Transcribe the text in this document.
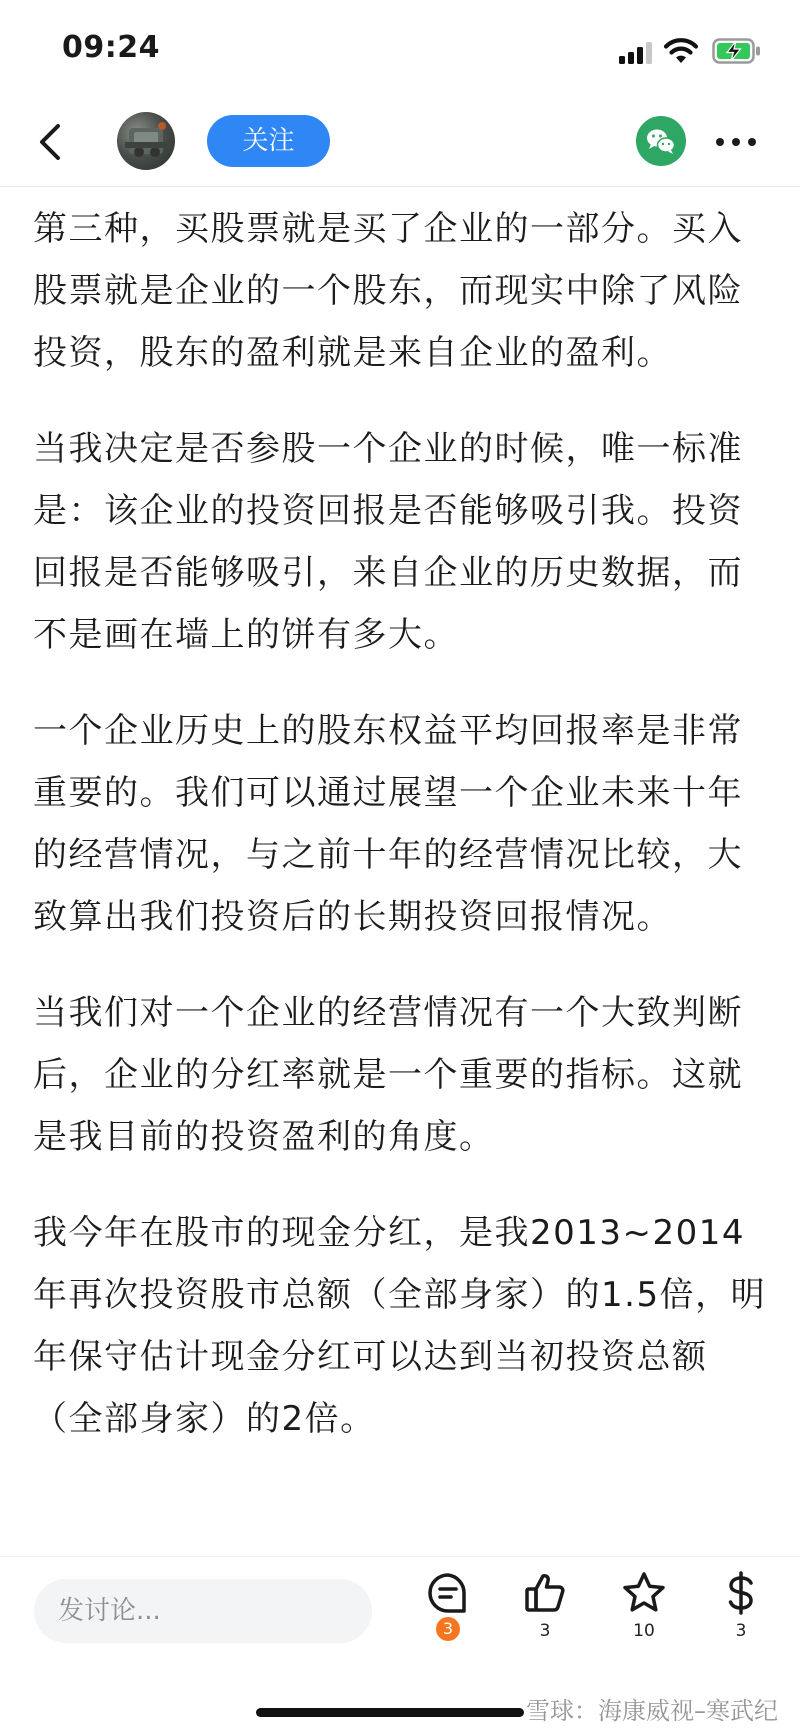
09:24
关注

第三种，买股票就是买了企业的一部分。买入股票就是企业的一个股东，而现实中除了风险投资，股东的盈利就是来自企业的盈利。

当我决定是否参股一个企业的时候，唯一标准是：该企业的投资回报是否能够吸引我。投资回报是否能够吸引，来自企业的历史数据，而不是画在墙上的饼有多大。

一个企业历史上的股东权益平均回报率是非常重要的。我们可以通过展望一个企业未来十年的经营情况，与之前十年的经营情况比较，大致算出我们投资后的长期投资回报情况。

当我们对一个企业的经营情况有一个大致判断后，企业的分红率就是一个重要的指标。这就是我目前的投资盈利的角度。

我今年在股市的现金分红，是我2013~2014年再次投资股市总额（全部身家）的1.5倍，明年保守估计现金分红可以达到当初投资总额（全部身家）的2倍。

发讨论...
3	3	10	3
雪球：海康威视–寒武纪
